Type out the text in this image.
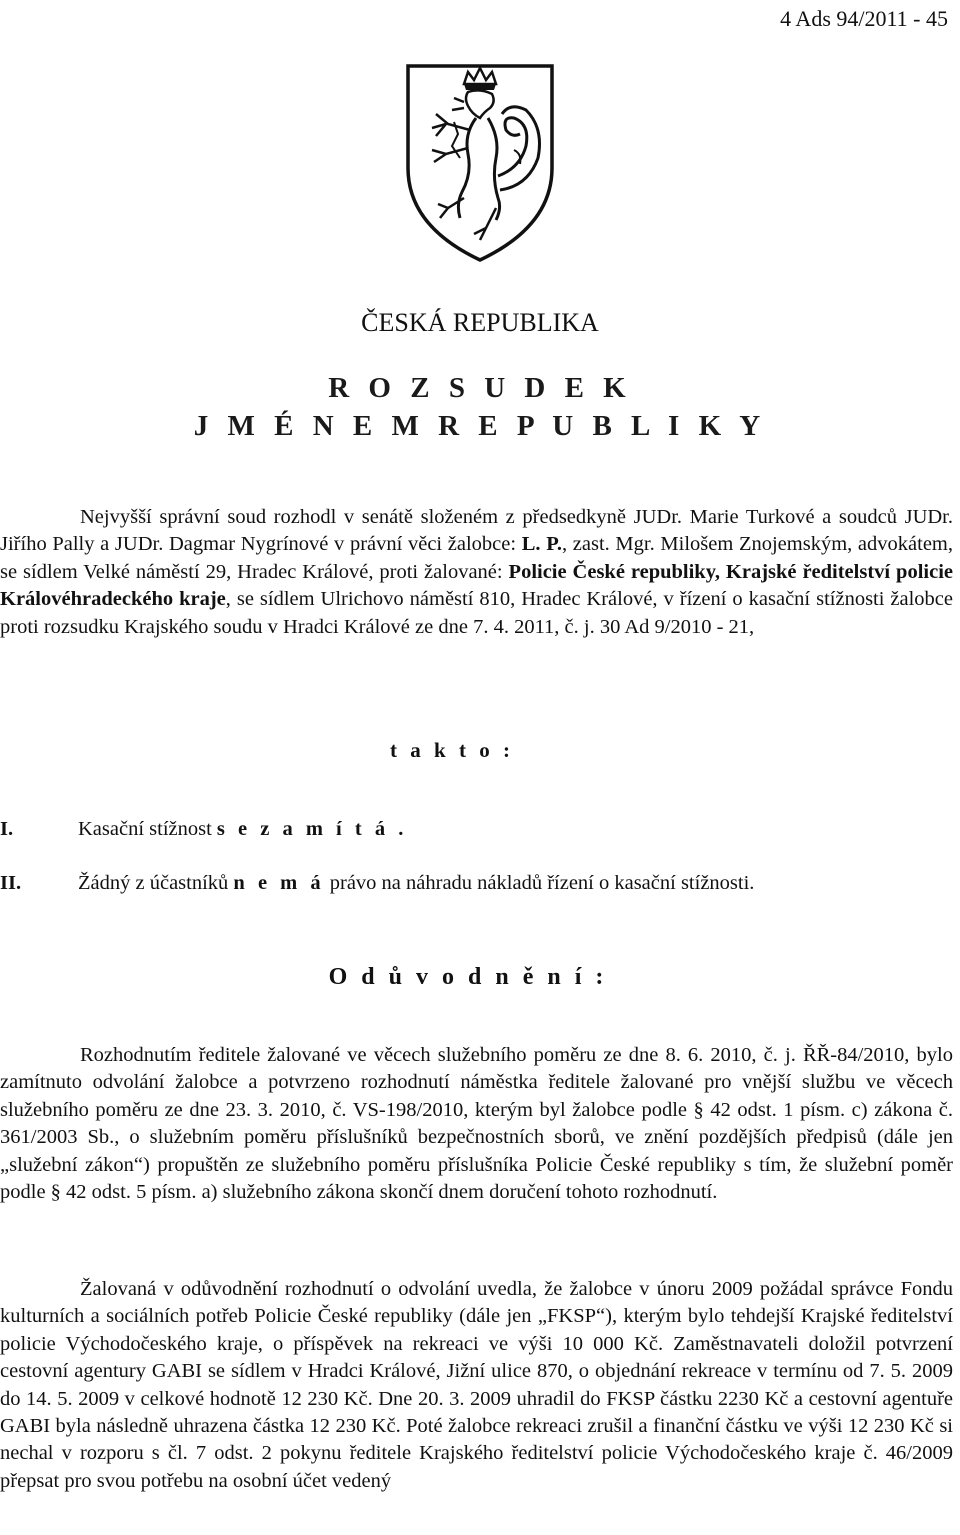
4 Ads 94/2011 - 45
ČESKÁ REPUBLIKA
R O Z S U D E K
J M É N E M R E P U B L I K Y

Nejvyšší správní soud rozhodl v senátě složeném z předsedkyně JUDr. Marie Turkové a soudců JUDr. Jiřího Pally a JUDr. Dagmar Nygrínové v právní věci žalobce: L. P., zast. Mgr. Milošem Znojemským, advokátem, se sídlem Velké náměstí 29, Hradec Králové, proti žalované: Policie České republiky, Krajské ředitelství policie Královéhradeckého kraje, se sídlem Ulrichovo náměstí 810, Hradec Králové, v řízení o kasační stížnosti žalobce proti rozsudku Krajského soudu v Hradci Králové ze dne 7. 4. 2011, č. j. 30 Ad 9/2010 - 21,

t a k t o :
I.	Kasační stížnost s e z a m í t á .
II.	Žádný z účastníků n e m á právo na náhradu nákladů řízení o kasační stížnosti.
O d ů v o d n ě n í :

Rozhodnutím ředitele žalované ve věcech služebního poměru ze dne 8. 6. 2010, č. j. ŘŘ-84/2010, bylo zamítnuto odvolání žalobce a potvrzeno rozhodnutí náměstka ředitele žalované pro vnější službu ve věcech služebního poměru ze dne 23. 3. 2010, č. VS-198/2010, kterým byl žalobce podle § 42 odst. 1 písm. c) zákona č. 361/2003 Sb., o služebním poměru příslušníků bezpečnostních sborů, ve znění pozdějších předpisů (dále jen „služební zákon“) propuštěn ze služebního poměru příslušníka Policie České republiky s tím, že služební poměr podle § 42 odst. 5 písm. a) služebního zákona skončí dnem doručení tohoto rozhodnutí.

Žalovaná v odůvodnění rozhodnutí o odvolání uvedla, že žalobce v únoru 2009 požádal správce Fondu kulturních a sociálních potřeb Policie České republiky (dále jen „FKSP“), kterým bylo tehdejší Krajské ředitelství policie Východočeského kraje, o příspěvek na rekreaci ve výši 10 000 Kč. Zaměstnavateli doložil potvrzení cestovní agentury GABI se sídlem v Hradci Králové, Jižní ulice 870, o objednání rekreace v termínu od 7. 5. 2009 do 14. 5. 2009 v celkové hodnotě 12 230 Kč. Dne 20. 3. 2009 uhradil do FKSP částku 2230 Kč a cestovní agentuře GABI byla následně uhrazena částka 12 230 Kč. Poté žalobce rekreaci zrušil a finanční částku ve výši 12 230 Kč si nechal v rozporu s čl. 7 odst. 2 pokynu ředitele Krajského ředitelství policie Východočeského kraje č. 46/2009 přepsat pro svou potřebu na osobní účet vedený
